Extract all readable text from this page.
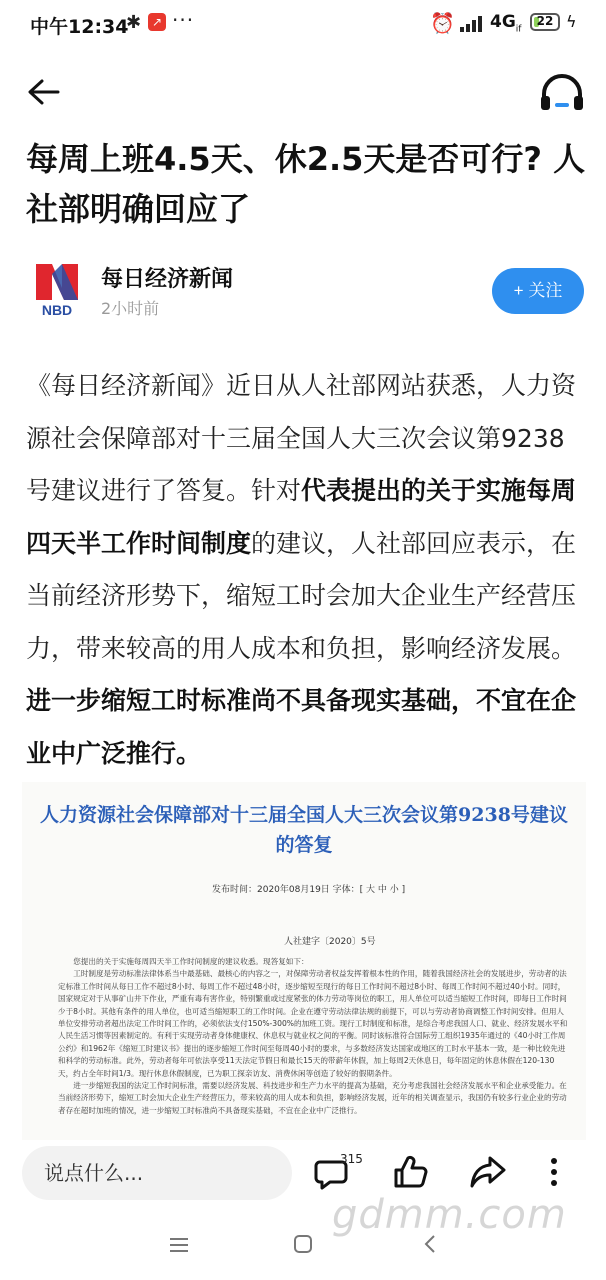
中午12:34
✱ ↗ ···	⏰ $4G_{if}$
22 ϟ
每周上班4.5天、休2.5天是否可行? 人社部明确回应了
NBD
每日经济新闻
2小时前
+ 关注

《每日经济新闻》近日从人社部网站获悉，人力资源社会保障部对十三届全国人大三次会议第9238号建议进行了答复。针对代表提出的关于实施每周四天半工作时间制度的建议，人社部回应表示，在当前经济形势下，缩短工时会加大企业生产经营压力，带来较高的用人成本和负担，影响经济发展。进一步缩短工时标准尚不具备现实基础，不宜在企业中广泛推行。

人力资源社会保障部对十三届全国人大三次会议第9238号建议的答复
发布时间：2020年08月19日 字体：[ 大 中 小 ]
人社建字〔2020〕5号

您提出的关于实施每周四天半工作时间制度的建议收悉。现答复如下：

工时制度是劳动标准法律体系当中最基础、最核心的内容之一，对保障劳动者权益发挥着根本性的作用，随着我国经济社会的发展进步，劳动者的法定标准工作时间从每日工作不超过8小时、每周工作不超过48小时，逐步缩短至现行的每日工作时间不超过8小时、每周工作时间不超过40小时。同时，国家规定对于从事矿山井下作业，严重有毒有害作业，特别繁重或过度紧张的体力劳动等岗位的职工，用人单位可以适当缩短工作时间，即每日工作时间少于8小时。其他有条件的用人单位，也可适当缩短职工的工作时间。企业在遵守劳动法律法规的前提下，可以与劳动者协商调整工作时间安排。但用人单位安排劳动者超出法定工作时间工作的，必须依法支付150%-300%的加班工资。现行工时制度和标准，是综合考虑我国人口、就业、经济发展水平和人民生活习惯等因素制定的。有利于实现劳动者身体健康权、休息权与就业权之间的平衡。同时该标准符合国际劳工组织1935年通过的《40小时工作周公约》和1962年《缩短工时建议书》提出的逐步缩短工作时间至每周40小时的要求，与多数经济发达国家或地区的工时水平基本一致，是一种比较先进和科学的劳动标准。此外，劳动者每年可依法享受11天法定节假日和最长15天的带薪年休假，加上每周2天休息日，每年固定的休息休假在120-130天，约占全年时间1/3。现行休息休假制度，已为职工探亲访友、消费休闲等创造了较好的假期条件。

进一步缩短我国的法定工作时间标准，需要以经济发展、科技进步和生产力水平的提高为基础，充分考虑我国社会经济发展水平和企业承受能力。在当前经济形势下，缩短工时会加大企业生产经营压力，带来较高的用人成本和负担，影响经济发展，近年的相关调查显示，我国仍有较多行业企业的劳动者存在超时加班的情况，进一步缩短工时标准尚不具备现实基础，不宜在企业中广泛推行。

说点什么...
315
gdmm.com
